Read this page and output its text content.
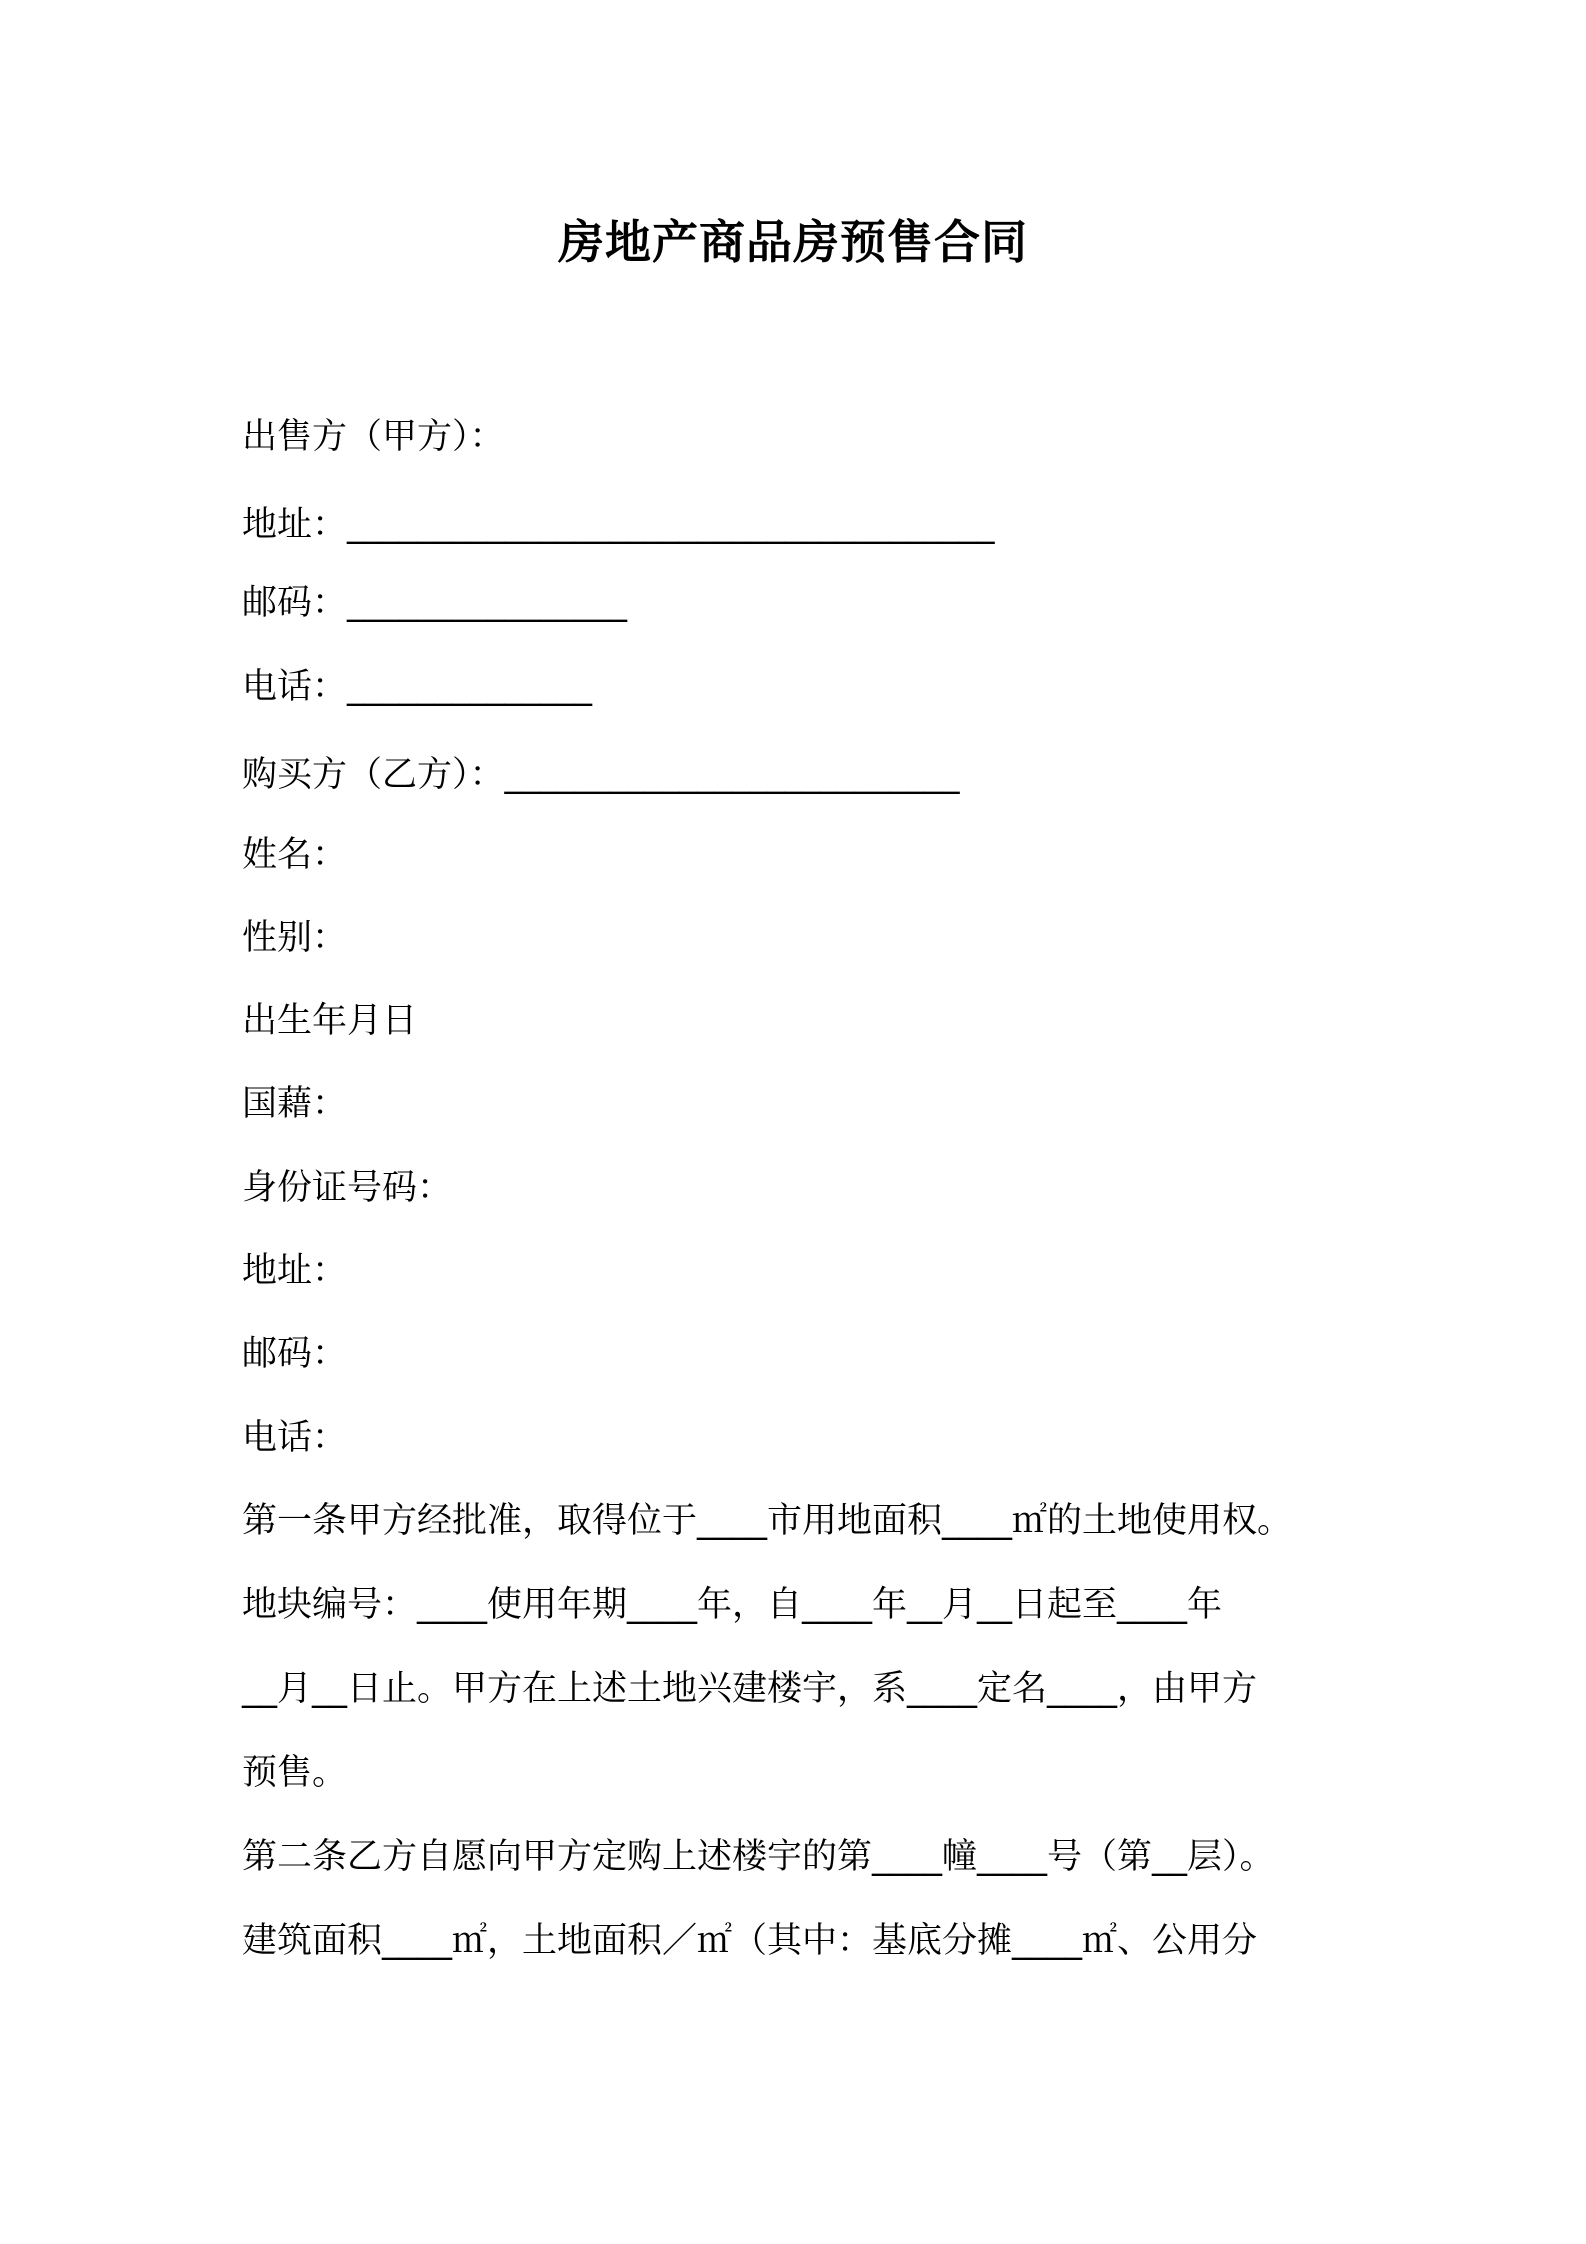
房地产商品房预售合同
出售方（甲方）：
地址：_____________________________________
邮码：________________
电话：______________
购买方（乙方）：__________________________
姓名：
性别：
出生年月日
国藉：
身份证号码：
地址：
邮码：
电话：
第一条甲方经批准，取得位于____市用地面积____㎡的土地使用权。
地块编号：____使用年期____年，自____年__月__日起至____年
__月__日止。甲方在上述土地兴建楼宇，系____定名____，由甲方
预售。
第二条乙方自愿向甲方定购上述楼宇的第____幢____号（第__层）。
建筑面积____㎡，土地面积／㎡（其中：基底分摊____㎡、公用分
